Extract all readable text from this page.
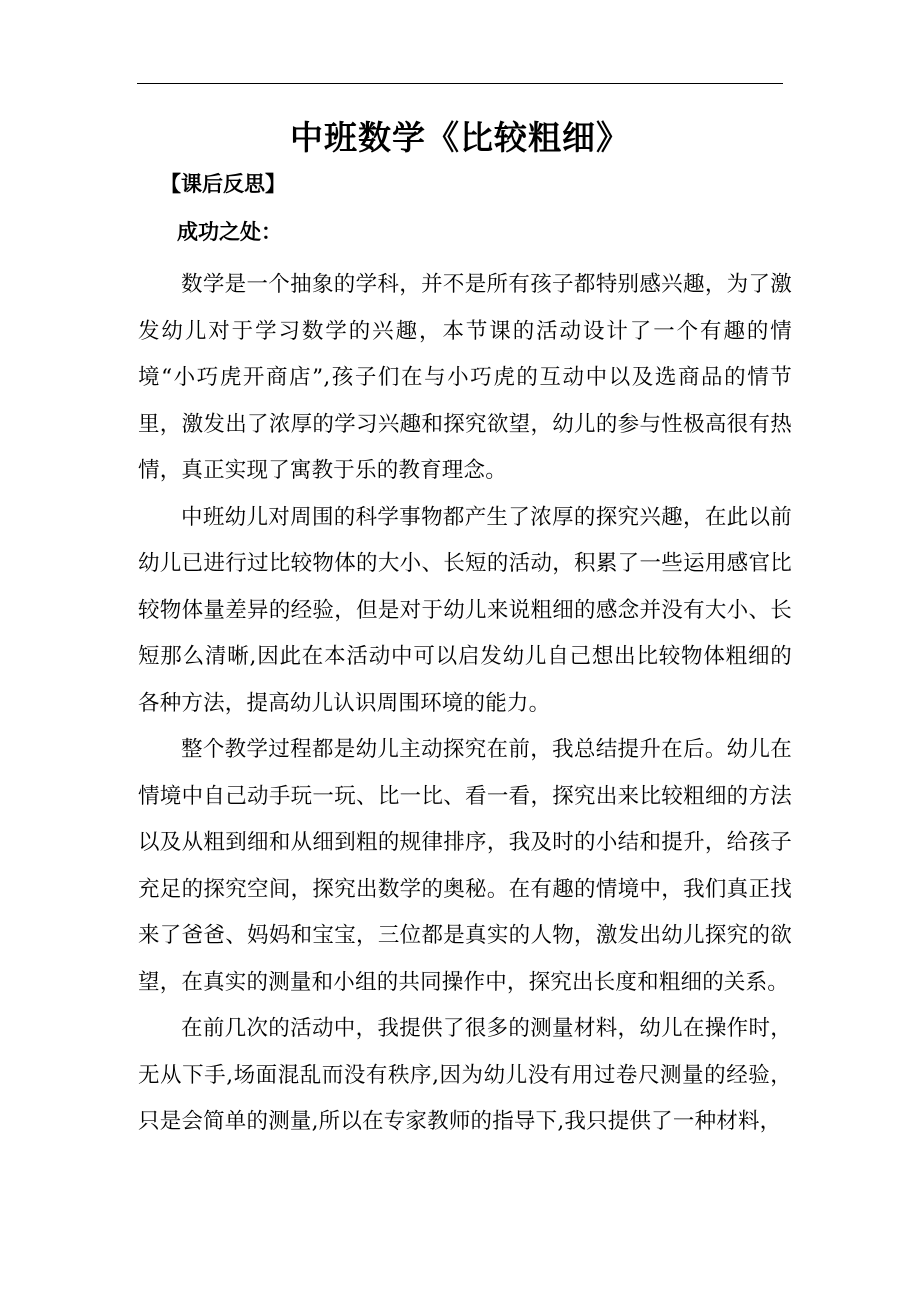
中班数学《比较粗细》
【课后反思】
成功之处：

数学是一个抽象的学科，并不是所有孩子都特别感兴趣，为了激发幼儿对于学习数学的兴趣，本节课的活动设计了一个有趣的情境“小巧虎开商店”,孩子们在与小巧虎的互动中以及选商品的情节里，激发出了浓厚的学习兴趣和探究欲望，幼儿的参与性极高很有热情，真正实现了寓教于乐的教育理念。

中班幼儿对周围的科学事物都产生了浓厚的探究兴趣，在此以前幼儿已进行过比较物体的大小、长短的活动，积累了一些运用感官比较物体量差异的经验，但是对于幼儿来说粗细的感念并没有大小、长短那么清晰,因此在本活动中可以启发幼儿自己想出比较物体粗细的各种方法，提高幼儿认识周围环境的能力。

整个教学过程都是幼儿主动探究在前，我总结提升在后。幼儿在情境中自己动手玩一玩、比一比、看一看，探究出来比较粗细的方法以及从粗到细和从细到粗的规律排序，我及时的小结和提升，给孩子充足的探究空间，探究出数学的奥秘。在有趣的情境中，我们真正找来了爸爸、妈妈和宝宝，三位都是真实的人物，激发出幼儿探究的欲望，在真实的测量和小组的共同操作中，探究出长度和粗细的关系。

在前几次的活动中，我提供了很多的测量材料，幼儿在操作时，无从下手,场面混乱而没有秩序,因为幼儿没有用过卷尺测量的经验，只是会简单的测量,所以在专家教师的指导下,我只提供了一种材料，
